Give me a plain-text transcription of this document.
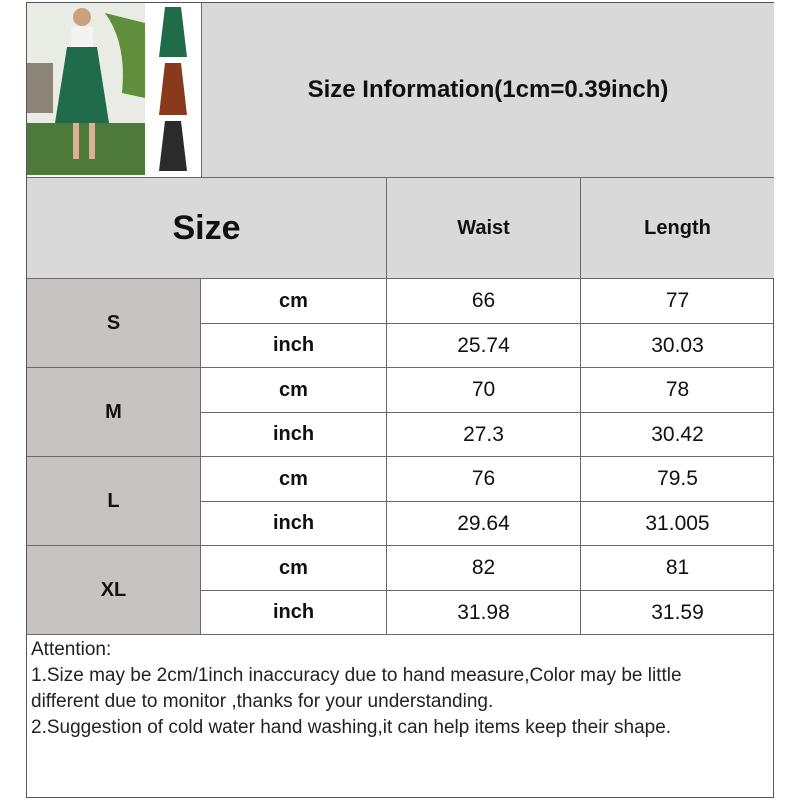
Size Information(1cm=0.39inch)
Size	Waist	Length
S
cm	66	77
inch	25.74	30.03
M
cm	70	78
inch	27.3	30.42
L
cm	76	79.5
inch	29.64	31.005
XL
cm	82	81
inch	31.98	31.59
Attention:
1.Size may be 2cm/1inch inaccuracy due to hand measure,Color may be little
different due to monitor ,thanks for your understanding.
2.Suggestion of cold water hand washing,it can help items keep their shape.
